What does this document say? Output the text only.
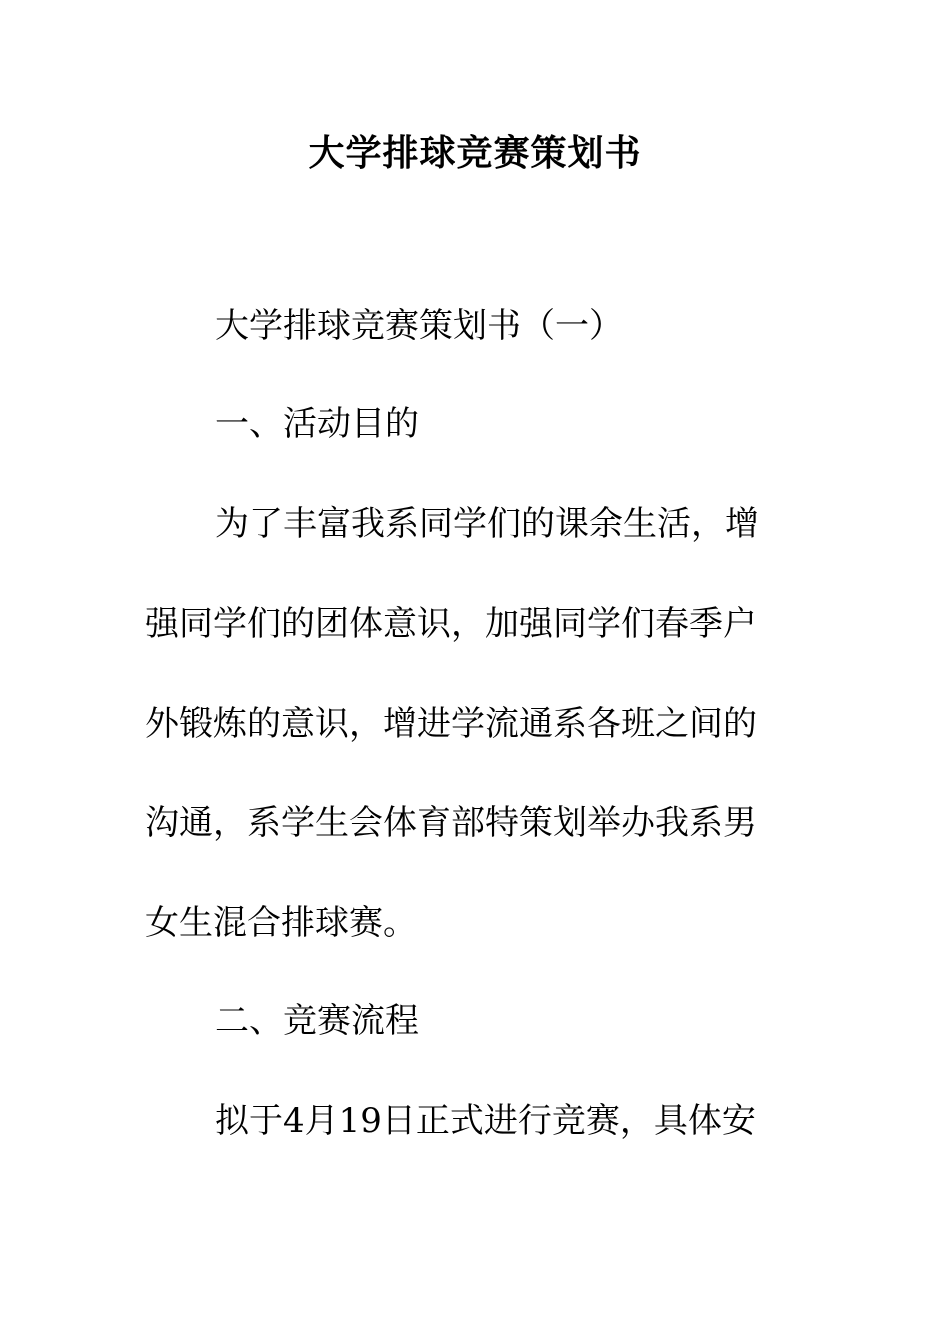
大学排球竞赛策划书
大学排球竞赛策划书（一）
一、活动目的
为了丰富我系同学们的课余生活，增
强同学们的团体意识，加强同学们春季户
外锻炼的意识，增进学流通系各班之间的
沟通，系学生会体育部特策划举办我系男
女生混合排球赛。
二、竞赛流程
拟于4月19日正式进行竞赛，具体安
